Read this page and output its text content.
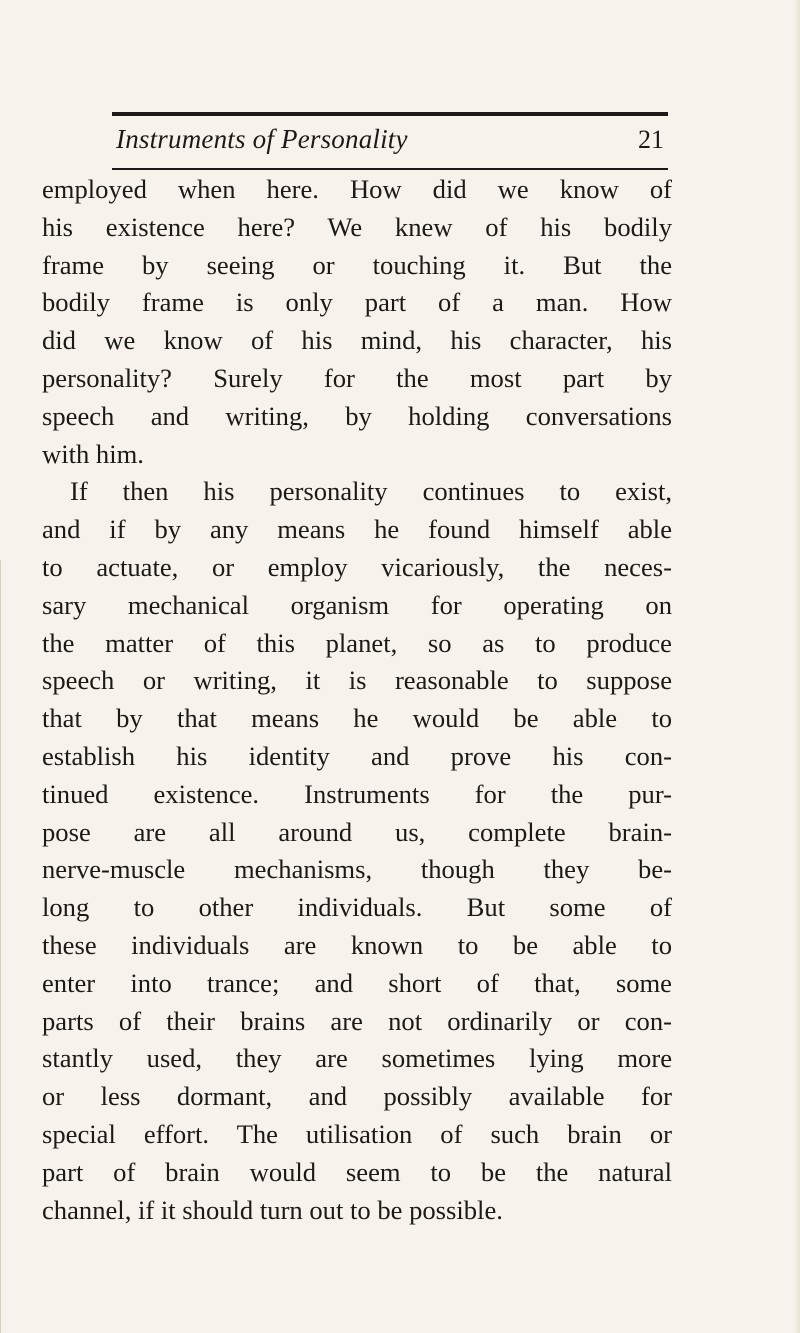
Instruments of Personality	21
employed when here. How did we know of
his existence here? We knew of his bodily
frame by seeing or touching it. But the
bodily frame is only part of a man. How
did we know of his mind, his character, his
personality? Surely for the most part by
speech and writing, by holding conversations
with him.
If then his personality continues to exist,
and if by any means he found himself able
to actuate, or employ vicariously, the neces-
sary mechanical organism for operating on
the matter of this planet, so as to produce
speech or writing, it is reasonable to suppose
that by that means he would be able to
establish his identity and prove his con-
tinued existence. Instruments for the pur-
pose are all around us, complete brain-
nerve-muscle mechanisms, though they be-
long to other individuals. But some of
these individuals are known to be able to
enter into trance; and short of that, some
parts of their brains are not ordinarily or con-
stantly used, they are sometimes lying more
or less dormant, and possibly available for
special effort. The utilisation of such brain or
part of brain would seem to be the natural
channel, if it should turn out to be possible.
